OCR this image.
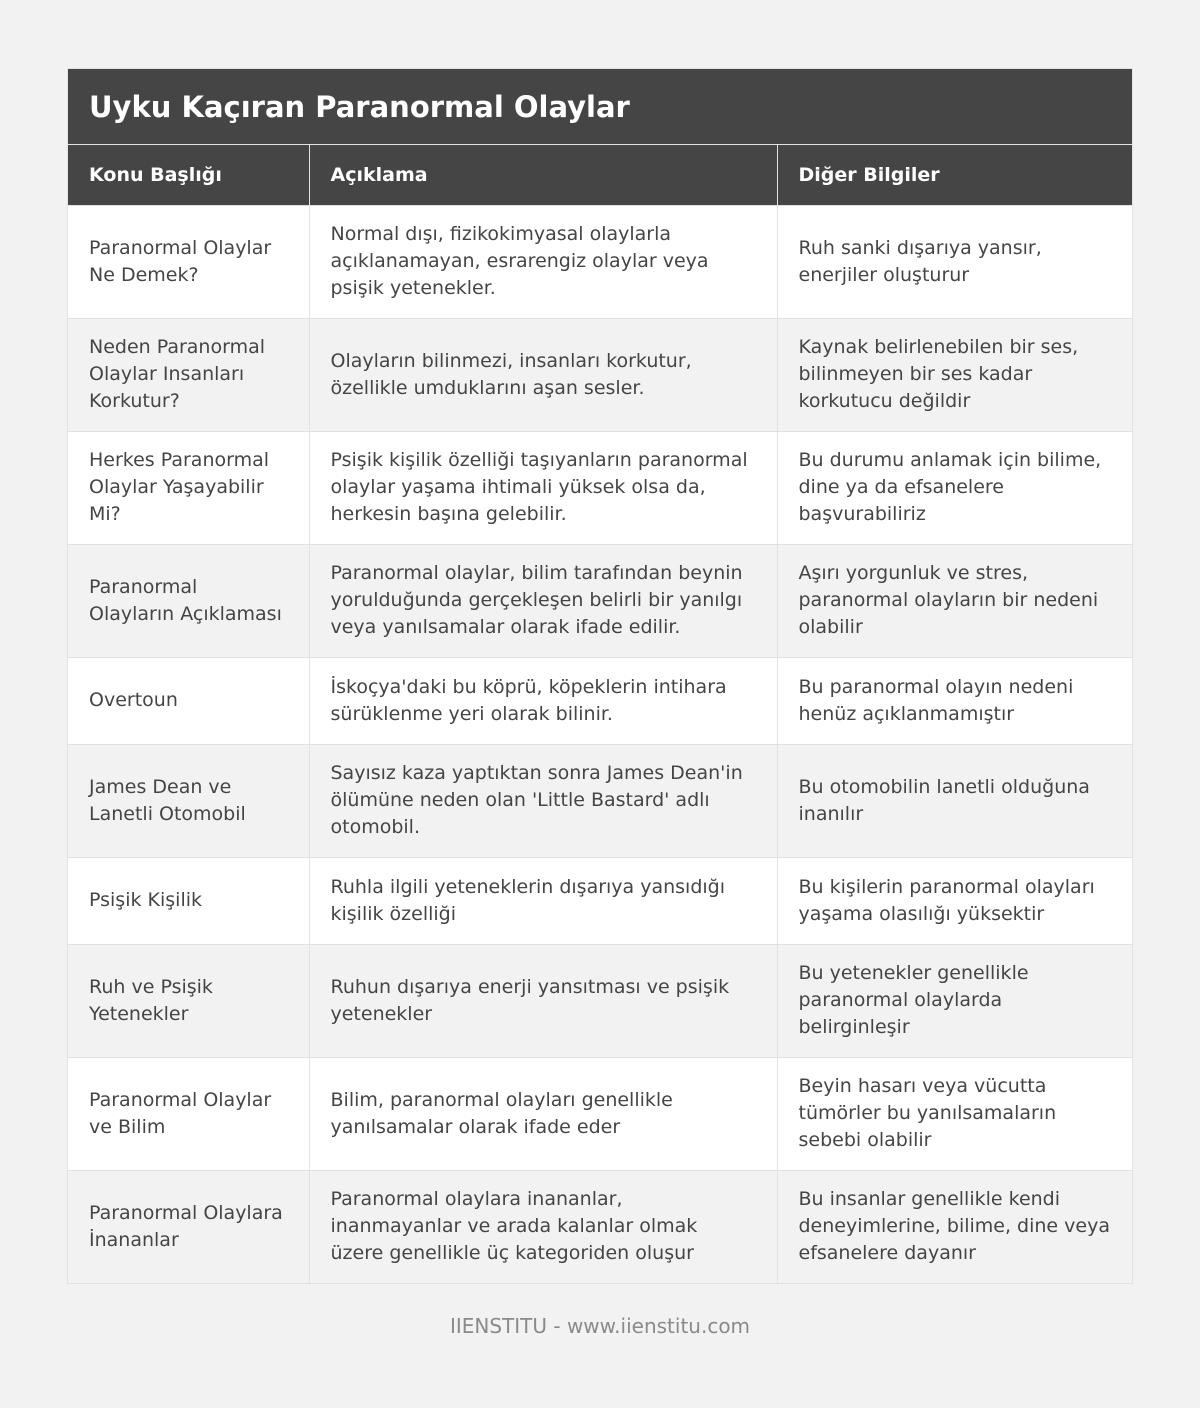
Uyku Kaçıran Paranormal Olaylar
Konu Başlığı	Açıklama	Diğer Bilgiler
Paranormal Olaylar Ne Demek?	Normal dışı, fizikokimyasal olaylarla açıklanamayan, esrarengiz olaylar veya psişik yetenekler.	Ruh sanki dışarıya yansır, enerjiler oluşturur
Neden Paranormal Olaylar Insanları Korkutur?	Olayların bilinmezi, insanları korkutur, özellikle umduklarını aşan sesler.	Kaynak belirlenebilen bir ses, bilinmeyen bir ses kadar korkutucu değildir
Herkes Paranormal Olaylar Yaşayabilir Mi?	Psişik kişilik özelliği taşıyanların paranormal olaylar yaşama ihtimali yüksek olsa da, herkesin başına gelebilir.	Bu durumu anlamak için bilime, dine ya da efsanelere başvurabiliriz
Paranormal Olayların Açıklaması	Paranormal olaylar, bilim tarafından beynin yorulduğunda gerçekleşen belirli bir yanılgı veya yanılsamalar olarak ifade edilir.	Aşırı yorgunluk ve stres, paranormal olayların bir nedeni olabilir
Overtoun	İskoçya'daki bu köprü, köpeklerin intihara sürüklenme yeri olarak bilinir.	Bu paranormal olayın nedeni henüz açıklanmamıştır
James Dean ve Lanetli Otomobil	Sayısız kaza yaptıktan sonra James Dean'in ölümüne neden olan 'Little Bastard' adlı otomobil.	Bu otomobilin lanetli olduğuna inanılır
Psişik Kişilik	Ruhla ilgili yeteneklerin dışarıya yansıdığı kişilik özelliği	Bu kişilerin paranormal olayları yaşama olasılığı yüksektir
Ruh ve Psişik Yetenekler	Ruhun dışarıya enerji yansıtması ve psişik yetenekler	Bu yetenekler genellikle paranormal olaylarda belirginleşir
Paranormal Olaylar ve Bilim	Bilim, paranormal olayları genellikle yanılsamalar olarak ifade eder	Beyin hasarı veya vücutta tümörler bu yanılsamaların sebebi olabilir
Paranormal Olaylara İnananlar	Paranormal olaylara inananlar, inanmayanlar ve arada kalanlar olmak üzere genellikle üç kategoriden oluşur	Bu insanlar genellikle kendi deneyimlerine, bilime, dine veya efsanelere dayanır
IIENSTITU - www.iienstitu.com
